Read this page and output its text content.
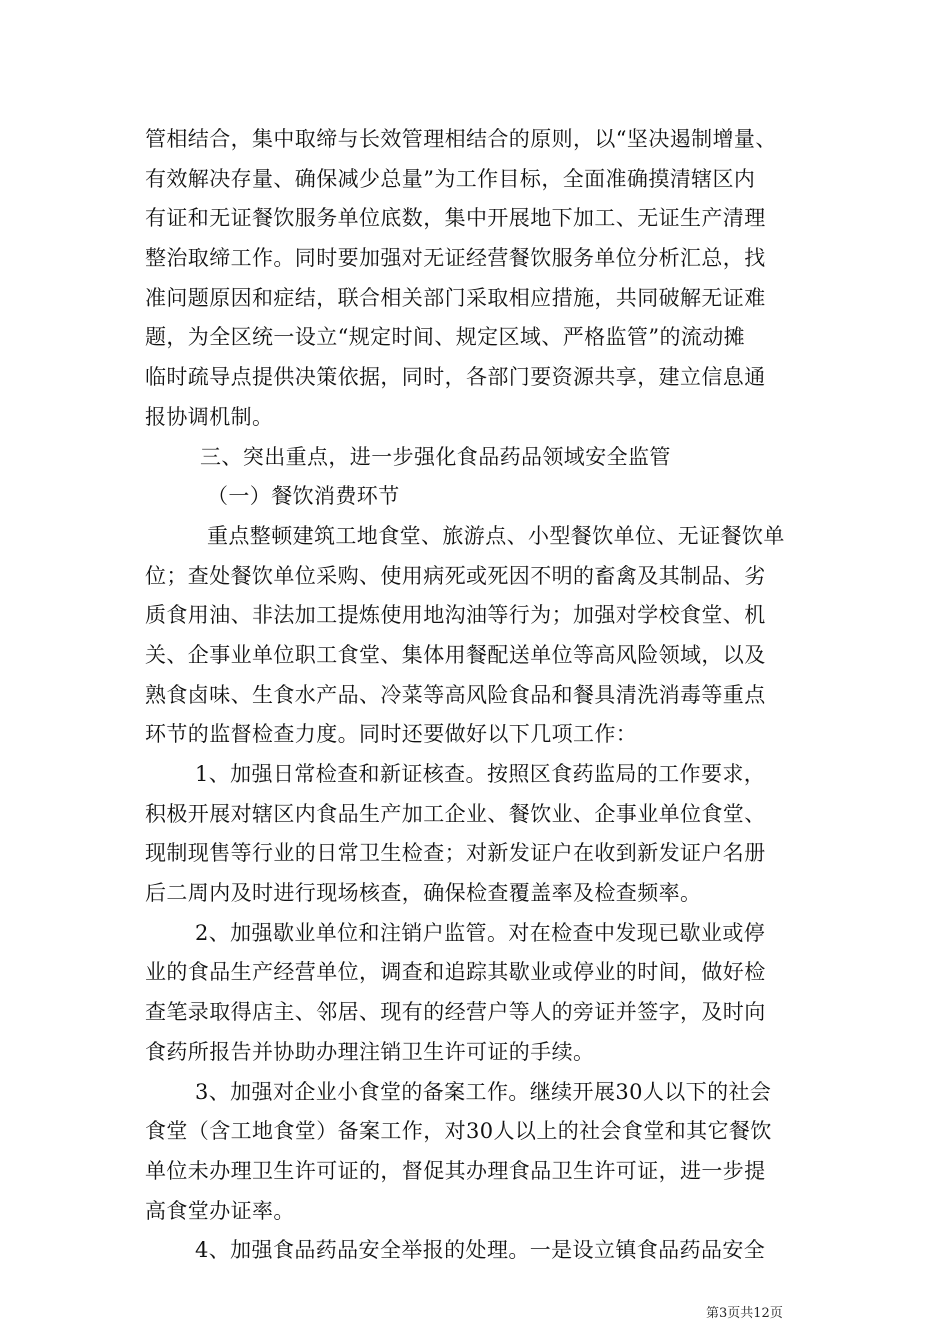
管相结合，集中取缔与长效管理相结合的原则，以“坚决遏制增量、
有效解决存量、确保减少总量”为工作目标，全面准确摸清辖区内
有证和无证餐饮服务单位底数，集中开展地下加工、无证生产清理
整治取缔工作。同时要加强对无证经营餐饮服务单位分析汇总，找
准问题原因和症结，联合相关部门采取相应措施，共同破解无证难
题，为全区统一设立“规定时间、规定区域、严格监管”的流动摊
临时疏导点提供决策依据，同时，各部门要资源共享，建立信息通
报协调机制。
三、突出重点，进一步强化食品药品领域安全监管
（一）餐饮消费环节
重点整顿建筑工地食堂、旅游点、小型餐饮单位、无证餐饮单
位；查处餐饮单位采购、使用病死或死因不明的畜禽及其制品、劣
质食用油、非法加工提炼使用地沟油等行为；加强对学校食堂、机
关、企事业单位职工食堂、集体用餐配送单位等高风险领域，以及
熟食卤味、生食水产品、冷菜等高风险食品和餐具清洗消毒等重点
环节的监督检查力度。同时还要做好以下几项工作：
1、加强日常检查和新证核查。按照区食药监局的工作要求，
积极开展对辖区内食品生产加工企业、餐饮业、企事业单位食堂、
现制现售等行业的日常卫生检查；对新发证户在收到新发证户名册
后二周内及时进行现场核查，确保检查覆盖率及检查频率。
2、加强歇业单位和注销户监管。对在检查中发现已歇业或停
业的食品生产经营单位，调查和追踪其歇业或停业的时间，做好检
查笔录取得店主、邻居、现有的经营户等人的旁证并签字，及时向
食药所报告并协助办理注销卫生许可证的手续。
3、加强对企业小食堂的备案工作。继续开展30人以下的社会
食堂（含工地食堂）备案工作，对30人以上的社会食堂和其它餐饮
单位未办理卫生许可证的，督促其办理食品卫生许可证，进一步提
高食堂办证率。
4、加强食品药品安全举报的处理。一是设立镇食品药品安全
第3页共12页
